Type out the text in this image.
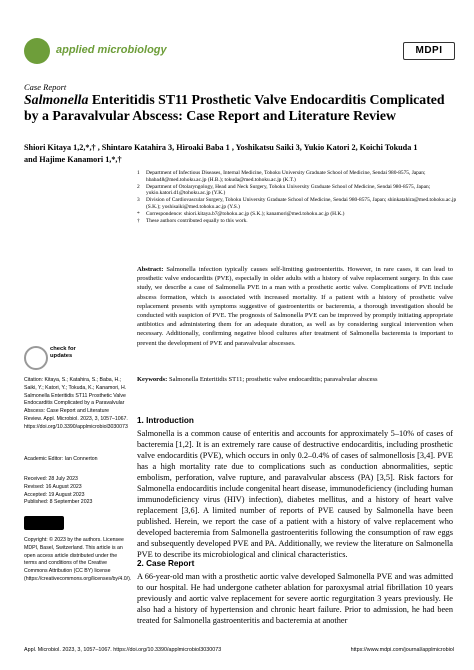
applied microbiology	MDPI
Case Report
Salmonella Enteritidis ST11 Prosthetic Valve Endocarditis Complicated by a Paravalvular Abscess: Case Report and Literature Review
Shiori Kitaya 1,2,*,† , Shintaro Katahira 3, Hiroaki Baba 1 , Yoshikatsu Saiki 3, Yukio Katori 2, Koichi Tokuda 1
and Hajime Kanamori 1,*,†
1	Department of Infectious Diseases, Internal Medicine, Tohoku University Graduate School of Medicine, Sendai 980-8575, Japan; hbaba48@med.tohoku.ac.jp (H.B.); tokuda@med.tohoku.ac.jp (K.T.)
2	Department of Otolaryngology, Head and Neck Surgery, Tohoku University Graduate School of Medicine, Sendai 980-8575, Japan; yukio.katori.d1@tohoku.ac.jp (Y.K.)
3	Division of Cardiovascular Surgery, Tohoku University Graduate School of Medicine, Sendai 980-8575, Japan; shinkatahira@med.tohoku.ac.jp (S.K.); yoshisaiki@med.tohoku.ac.jp (Y.S.)
*	Correspondence: shiori.kitaya.b7@tohoku.ac.jp (S.K.); kanamori@med.tohoku.ac.jp (H.K.)
†	These authors contributed equally to this work.
Abstract: Salmonella infection typically causes self-limiting gastroenteritis. However, in rare cases, it can lead to prosthetic valve endocarditis (PVE), especially in older adults with a history of valve replacement surgery. In this case study, we describe a case of Salmonella PVE in a man with a prosthetic aortic valve. Complications of PVE include abscess formation, which is associated with increased mortality. If a patient with a history of prosthetic valve replacement presents with symptoms suggestive of gastroenteritis or bacteremia, a thorough investigation should be conducted with suspicion of PVE. The prognosis of Salmonella PVE can be improved by promptly initiating appropriate antibiotics and administering them for an adequate duration, as well as by considering surgical intervention when necessary. Additionally, confirming negative blood cultures after treatment of Salmonella bacteremia is important to prevent the development of PVE and paravalvular abscesses.
Keywords: Salmonella Enteritidis ST11; prosthetic valve endocarditis; paravalvular abscess
check for
updates
Citation: Kitaya, S.; Katahira, S.; Baba, H.; Saiki, Y.; Katori, Y.; Tokuda, K.; Kanamori, H. Salmonella Enteritidis ST11 Prosthetic Valve Endocarditis Complicated by a Paravalvular Abscess: Case Report and Literature Review. Appl. Microbiol. 2023, 3, 1057–1067. https://doi.org/10.3390/applmicrobiol3030073
Academic Editor: Ian Connerton
Received: 28 July 2023
Revised: 16 August 2023
Accepted: 19 August 2023
Published: 8 September 2023
Copyright: © 2023 by the authors. Licensee MDPI, Basel, Switzerland. This article is an open access article distributed under the terms and conditions of the Creative Commons Attribution (CC BY) license (https://creativecommons.org/licenses/by/4.0/).
1. Introduction
Salmonella is a common cause of enteritis and accounts for approximately 5–10% of cases of bacteremia [1,2]. It is an extremely rare cause of destructive endocarditis, including prosthetic valve endocarditis (PVE), which occurs in only 0.2–0.4% of cases of salmonellosis [3,4]. PVE has a high mortality rate due to complications such as conduction abnormalities, septic embolism, perforation, valve rupture, and paravalvular abscess (PA) [3,5]. Risk factors for Salmonella endocarditis include congenital heart disease, immunodeficiency (including human immunodeficiency virus (HIV) infection), diabetes mellitus, and a history of heart valve replacement [3,6]. A limited number of reports of PVE caused by Salmonella have been published. Herein, we report the case of a patient with a history of valve replacement who developed bacteremia from Salmonella gastroenteritis following the consumption of raw eggs and subsequently developed PVE and PA. Additionally, we review the literature on Salmonella PVE to describe its microbiological and clinical characteristics.
2. Case Report
A 66-year-old man with a prosthetic aortic valve developed Salmonella PVE and was admitted to our hospital. He had undergone catheter ablation for paroxysmal atrial fibrillation 10 years previously and aortic valve replacement for severe aortic regurgitation 3 years previously. He also had a history of hypertension and chronic heart failure. Prior to admission, he had been treated for Salmonella gastroenteritis and bacteremia at another
Appl. Microbiol. 2023, 3, 1057–1067. https://doi.org/10.3390/applmicrobiol3030073	https://www.mdpi.com/journal/applmicrobiol
